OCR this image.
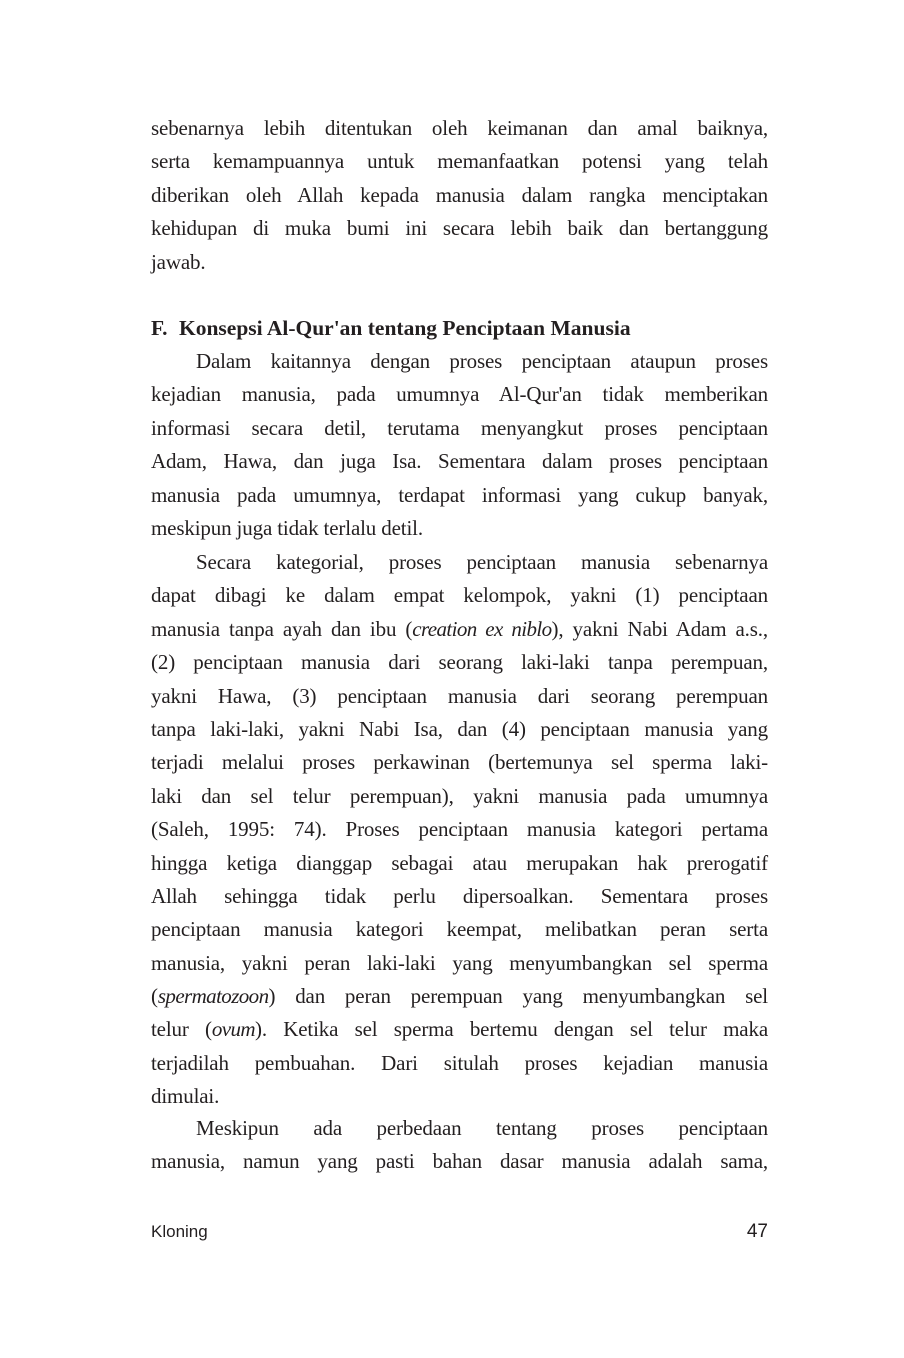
sebenarnya lebih ditentukan oleh keimanan dan amal baiknya,
serta kemampuannya untuk memanfaatkan potensi yang telah
diberikan oleh Allah kepada manusia dalam rangka menciptakan
kehidupan di muka bumi ini secara lebih baik dan bertanggung
jawab.
F. Konsepsi Al-Qur'an tentang Penciptaan Manusia
Dalam kaitannya dengan proses penciptaan ataupun proses
kejadian manusia, pada umumnya Al-Qur'an tidak memberikan
informasi secara detil, terutama menyangkut proses penciptaan
Adam, Hawa, dan juga Isa. Sementara dalam proses penciptaan
manusia pada umumnya, terdapat informasi yang cukup banyak,
meskipun juga tidak terlalu detil.
Secara kategorial, proses penciptaan manusia sebenarnya
dapat dibagi ke dalam empat kelompok, yakni (1) penciptaan
manusia tanpa ayah dan ibu (creation ex niblo), yakni Nabi Adam a.s.,
(2) penciptaan manusia dari seorang laki-laki tanpa perempuan,
yakni Hawa, (3) penciptaan manusia dari seorang perempuan
tanpa laki-laki, yakni Nabi Isa, dan (4) penciptaan manusia yang
terjadi melalui proses perkawinan (bertemunya sel sperma laki-
laki dan sel telur perempuan), yakni manusia pada umumnya
(Saleh, 1995: 74). Proses penciptaan manusia kategori pertama
hingga ketiga dianggap sebagai atau merupakan hak prerogatif
Allah sehingga tidak perlu dipersoalkan. Sementara proses
penciptaan manusia kategori keempat, melibatkan peran serta
manusia, yakni peran laki-laki yang menyumbangkan sel sperma
(spermatozoon) dan peran perempuan yang menyumbangkan sel
telur (ovum). Ketika sel sperma bertemu dengan sel telur maka
terjadilah pembuahan. Dari situlah proses kejadian manusia
dimulai.
Meskipun ada perbedaan tentang proses penciptaan
manusia, namun yang pasti bahan dasar manusia adalah sama,
Kloning	47
